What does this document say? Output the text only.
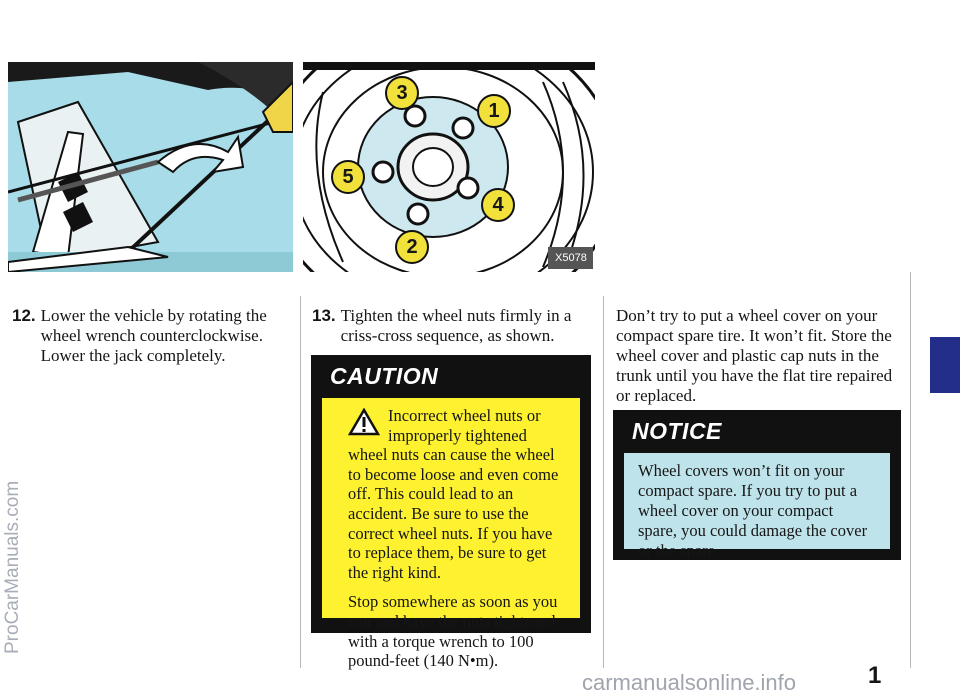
3
1
5
4
2	X5078
12. Lower the vehicle by rotating the wheel wrench counterclockwise. Lower the jack completely.
13. Tighten the wheel nuts firmly in a criss-cross sequence, as shown.
CAUTION

Incorrect wheel nuts or improperly tightened wheel nuts can cause the wheel to become loose and even come off. This could lead to an accident. Be sure to use the correct wheel nuts. If you have to replace them, be sure to get the right kind.

Stop somewhere as soon as you can and have the nuts tightened with a torque wrench to 100 pound-feet (140 N•m).

Don’t try to put a wheel cover on your compact spare tire. It won’t fit. Store the wheel cover and plastic cap nuts in the trunk until you have the flat tire repaired or replaced.
NOTICE
Wheel covers won’t fit on your compact spare. If you try to put a wheel cover on your compact spare, you could damage the cover or the spare.
ProCarManuals.com
carmanualsonline.info	1
